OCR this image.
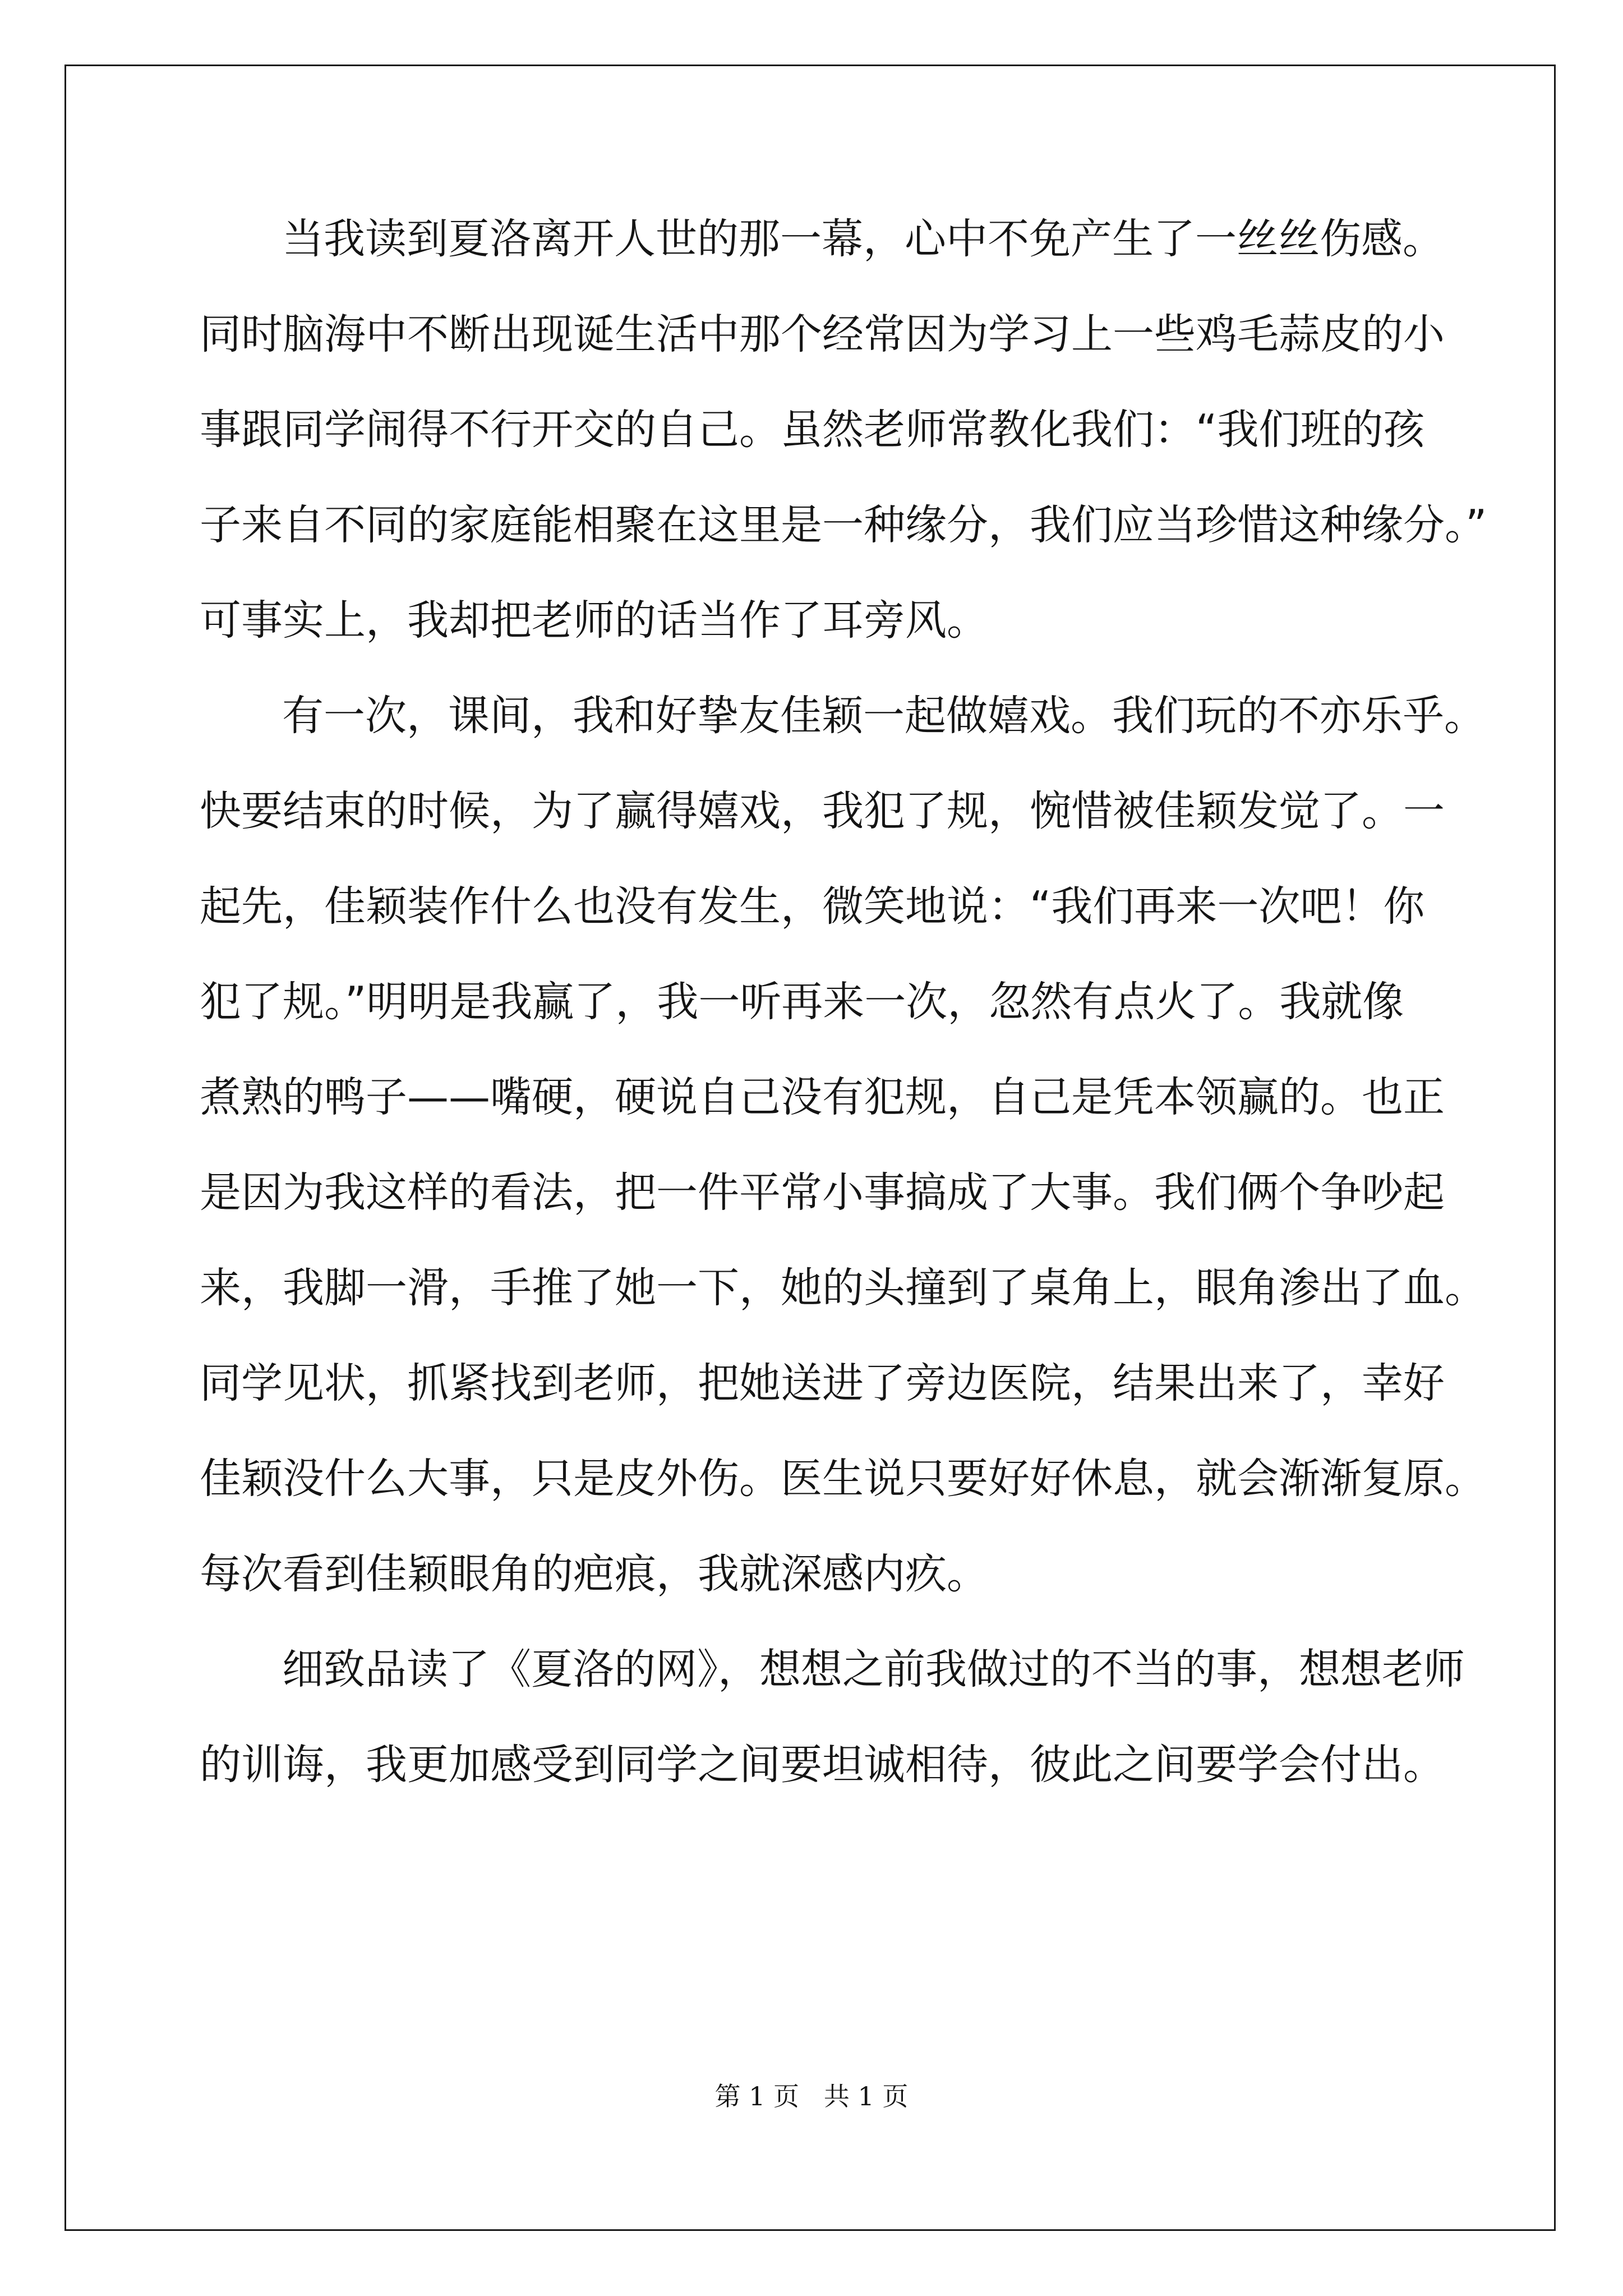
当我读到夏洛离开人世的那一幕，心中不免产生了一丝丝伤感。

同时脑海中不断出现诞生活中那个经常因为学习上一些鸡毛蒜皮的小

事跟同学闹得不行开交的自己。虽然老师常教化我们：“我们班的孩

子来自不同的家庭能相聚在这里是一种缘分，我们应当珍惜这种缘分。”

可事实上，我却把老师的话当作了耳旁风。

有一次，课间，我和好挚友佳颖一起做嬉戏。我们玩的不亦乐乎。

快要结束的时候，为了赢得嬉戏，我犯了规，惋惜被佳颖发觉了。一

起先，佳颖装作什么也没有发生，微笑地说：“我们再来一次吧！你

犯了规。”明明是我赢了，我一听再来一次，忽然有点火了。我就像

煮熟的鸭子——嘴硬，硬说自己没有犯规，自己是凭本领赢的。也正

是因为我这样的看法，把一件平常小事搞成了大事。我们俩个争吵起

来，我脚一滑，手推了她一下，她的头撞到了桌角上，眼角渗出了血。

同学见状，抓紧找到老师，把她送进了旁边医院，结果出来了，幸好

佳颖没什么大事，只是皮外伤。医生说只要好好休息，就会渐渐复原。

每次看到佳颖眼角的疤痕，我就深感内疚。

细致品读了《夏洛的网》，想想之前我做过的不当的事，想想老师

的训诲，我更加感受到同学之间要坦诚相待，彼此之间要学会付出。

第 1 页   共 1 页
